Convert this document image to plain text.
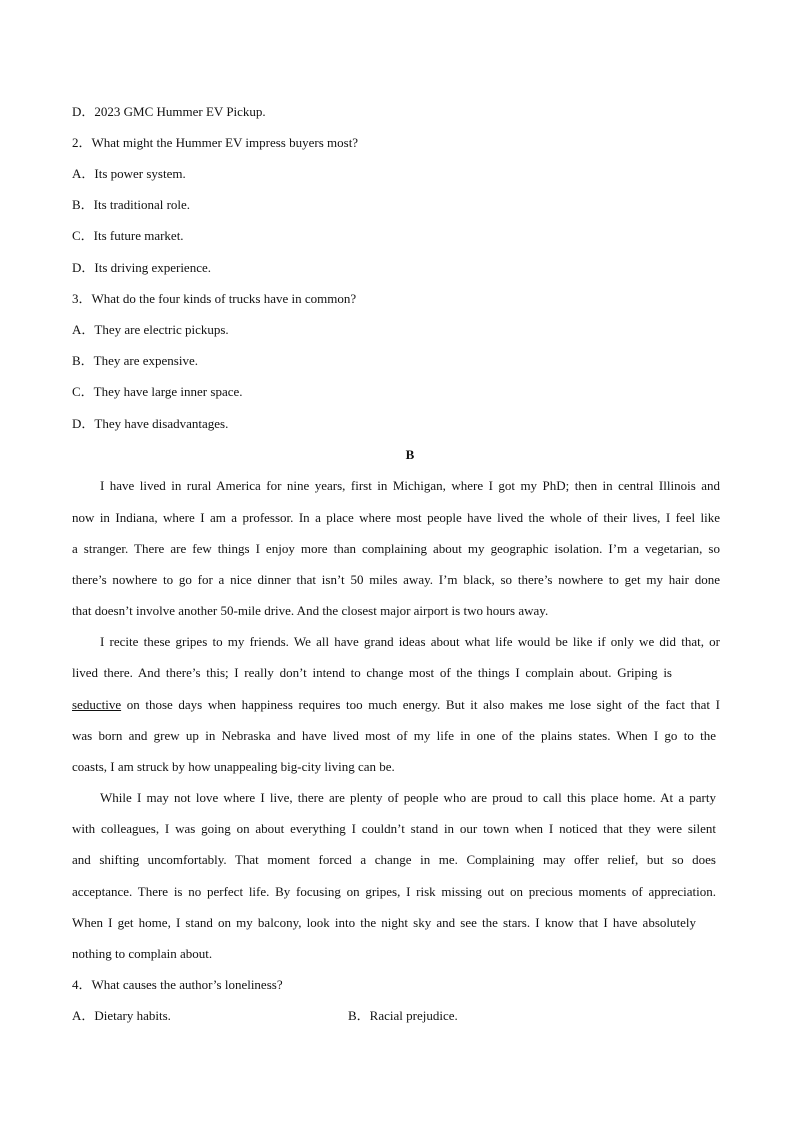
D．2023 GMC Hummer EV Pickup.
2．What might the Hummer EV impress buyers most?
A．Its power system.
B．Its traditional role.
C．Its future market.
D．Its driving experience.
3．What do the four kinds of trucks have in common?
A．They are electric pickups.
B．They are expensive.
C．They have large inner space.
D．They have disadvantages.
B
I have lived in rural America for nine years, first in Michigan, where I got my PhD; then in central Illinois and
now in Indiana, where I am a professor. In a place where most people have lived the whole of their lives, I feel like
a stranger. There are few things I enjoy more than complaining about my geographic isolation. I’m a vegetarian, so
there’s nowhere to go for a nice dinner that isn’t 50 miles away. I’m black, so there’s nowhere to get my hair done
that doesn’t involve another 50-mile drive. And the closest major airport is two hours away.
I recite these gripes to my friends. We all have grand ideas about what life would be like if only we did that, or
lived there. And there’s this; I really don’t intend to change most of the things I complain about. Griping is
seductive on those days when happiness requires too much energy. But it also makes me lose sight of the fact that I
was born and grew up in Nebraska and have lived most of my life in one of the plains states. When I go to the
coasts, I am struck by how unappealing big-city living can be.
While I may not love where I live, there are plenty of people who are proud to call this place home. At a party
with colleagues, I was going on about everything I couldn’t stand in our town when I noticed that they were silent
and shifting uncomfortably. That moment forced a change in me. Complaining may offer relief, but so does
acceptance. There is no perfect life. By focusing on gripes, I risk missing out on precious moments of appreciation.
When I get home, I stand on my balcony, look into the night sky and see the stars. I know that I have absolutely
nothing to complain about.
4．What causes the author’s loneliness?
A．Dietary habits.	B．Racial prejudice.
